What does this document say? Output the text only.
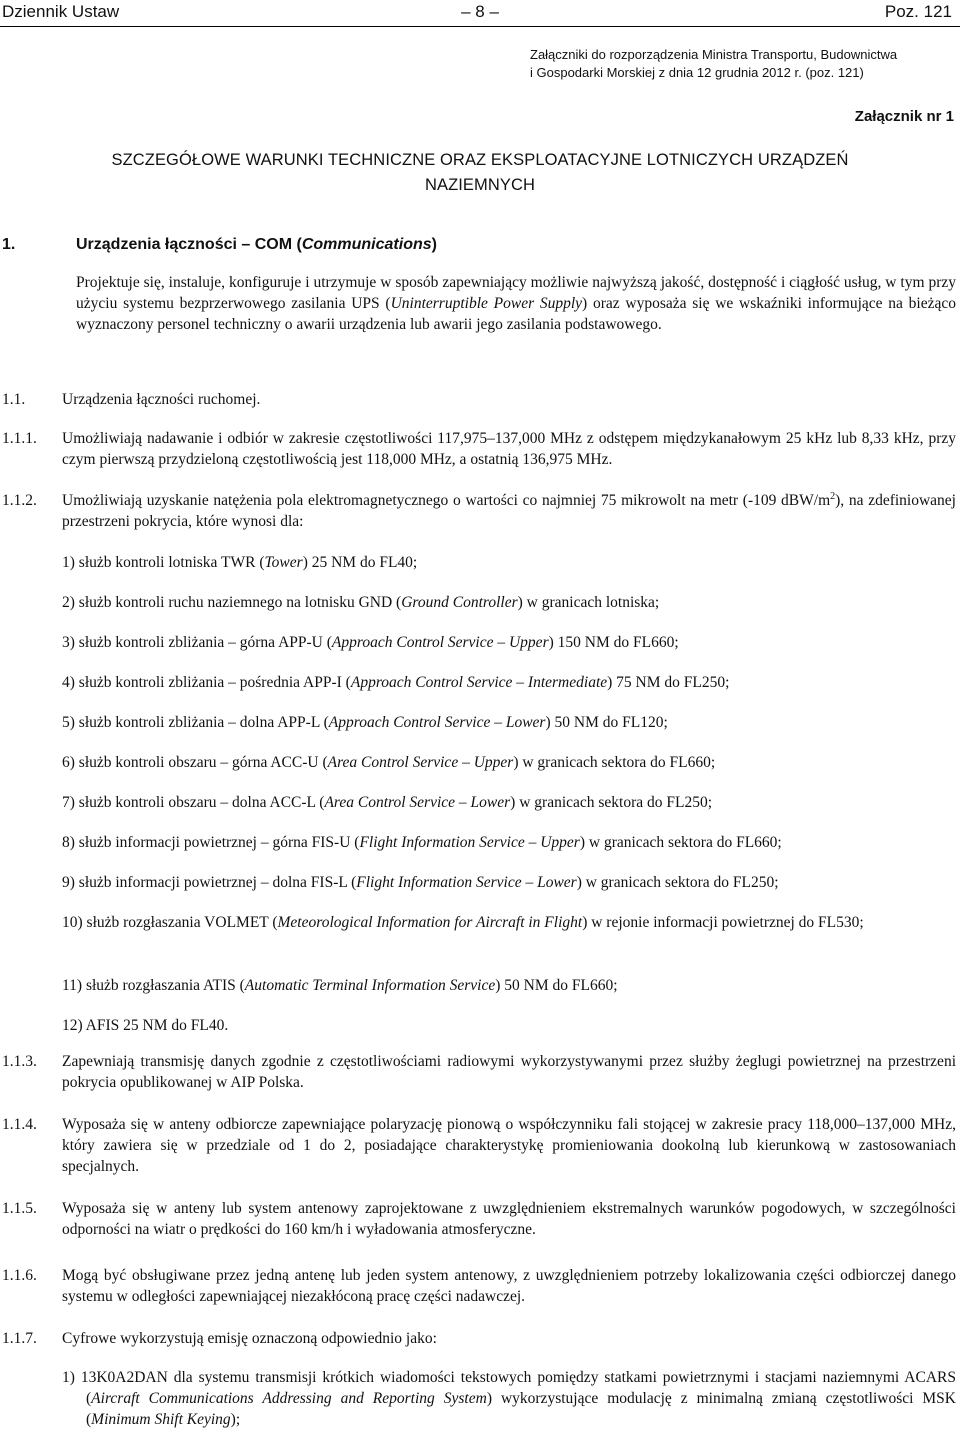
Dziennik Ustaw	– 8 –	Poz. 121
Załączniki do rozporządzenia Ministra Transportu, Budownictwa
i Gospodarki Morskiej z dnia 12 grudnia 2012 r. (poz. 121)
Załącznik nr 1
SZCZEGÓŁOWE WARUNKI TECHNICZNE ORAZ EKSPLOATACYJNE LOTNICZYCH URZĄDZEŃ
NAZIEMNYCH
1.	Urządzenia łączności – COM (Communications)
Projektuje się, instaluje, konfiguruje i utrzymuje w sposób zapewniający możliwie najwyższą jakość, dostępność i ciągłość usług, w tym przy użyciu systemu bezprzerwowego zasilania UPS (Uninterruptible Power Supply) oraz wyposaża się we wskaźniki informujące na bieżąco wyznaczony personel techniczny o awarii urządzenia lub awarii jego zasilania podstawowego.
1.1. Urządzenia łączności ruchomej.
1.1.1. Umożliwiają nadawanie i odbiór w zakresie częstotliwości 117,975–137,000 MHz z odstępem międzykanałowym 25 kHz lub 8,33 kHz, przy czym pierwszą przydzieloną częstotliwością jest 118,000 MHz, a ostatnią 136,975 MHz.
1.1.2. Umożliwiają uzyskanie natężenia pola elektromagnetycznego o wartości co najmniej 75 mikrowolt na metr (-109 dBW/$m^2$), na zdefiniowanej przestrzeni pokrycia, które wynosi dla:
1) służb kontroli lotniska TWR (Tower) 25 NM do FL40;
2) służb kontroli ruchu naziemnego na lotnisku GND (Ground Controller) w granicach lotniska;
3) służb kontroli zbliżania – górna APP-U (Approach Control Service – Upper) 150 NM do FL660;
4) służb kontroli zbliżania – pośrednia APP-I (Approach Control Service – Intermediate) 75 NM do FL250;
5) służb kontroli zbliżania – dolna APP-L (Approach Control Service – Lower) 50 NM do FL120;
6) służb kontroli obszaru – górna ACC-U (Area Control Service – Upper) w granicach sektora do FL660;
7) służb kontroli obszaru – dolna ACC-L (Area Control Service – Lower) w granicach sektora do FL250;
8) służb informacji powietrznej – górna FIS-U (Flight Information Service – Upper) w granicach sektora do FL660;
9) służb informacji powietrznej – dolna FIS-L (Flight Information Service – Lower) w granicach sektora do FL250;
10) służb rozgłaszania VOLMET (Meteorological Information for Aircraft in Flight) w rejonie informacji powietrznej do FL530;
11) służb rozgłaszania ATIS (Automatic Terminal Information Service) 50 NM do FL660;
12) AFIS 25 NM do FL40.
1.1.3. Zapewniają transmisję danych zgodnie z częstotliwościami radiowymi wykorzystywanymi przez służby żeglugi powietrznej na przestrzeni pokrycia opublikowanej w AIP Polska.
1.1.4. Wyposaża się w anteny odbiorcze zapewniające polaryzację pionową o współczynniku fali stojącej w zakresie pracy 118,000–137,000 MHz, który zawiera się w przedziale od 1 do 2, posiadające charakterystykę promieniowania dookolną lub kierunkową w zastosowaniach specjalnych.
1.1.5. Wyposaża się w anteny lub system antenowy zaprojektowane z uwzględnieniem ekstremalnych warunków pogodowych, w szczególności odporności na wiatr o prędkości do 160 km/h i wyładowania atmosferyczne.
1.1.6. Mogą być obsługiwane przez jedną antenę lub jeden system antenowy, z uwzględnieniem potrzeby lokalizowania części odbiorczej danego systemu w odległości zapewniającej niezakłóconą pracę części nadawczej.
1.1.7. Cyfrowe wykorzystują emisję oznaczoną odpowiednio jako:
1) 13K0A2DAN dla systemu transmisji krótkich wiadomości tekstowych pomiędzy statkami powietrznymi i stacjami naziemnymi ACARS (Aircraft Communications Addressing and Reporting System) wykorzystujące modulację z minimalną zmianą częstotliwości MSK (Minimum Shift Keying);
